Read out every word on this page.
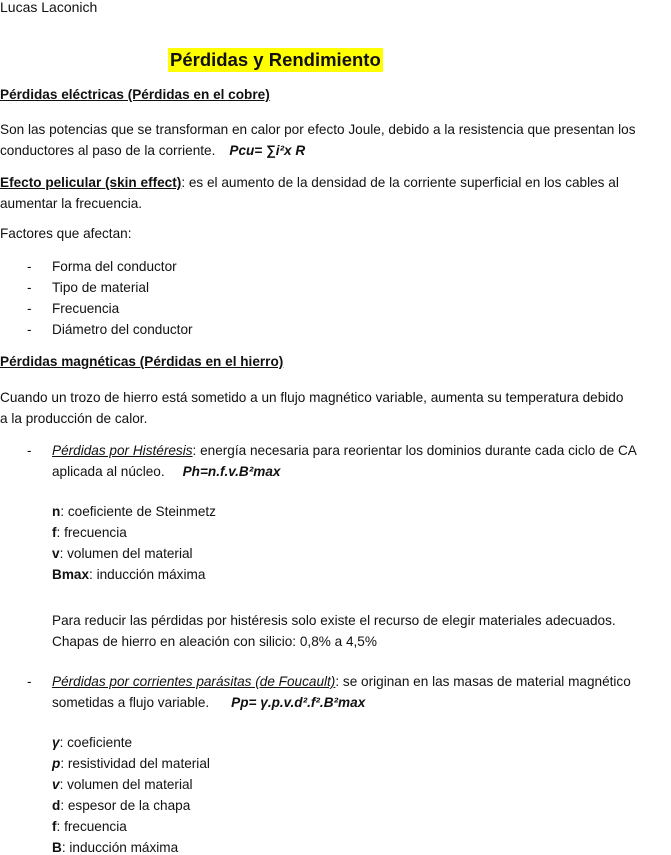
Lucas Laconich
Pérdidas y Rendimiento
Pérdidas eléctricas (Pérdidas en el cobre)
Son las potencias que se transforman en calor por efecto Joule, debido a la resistencia que presentan los
conductores al paso de la corriente. Pcu= ∑i²x R
Efecto pelicular (skin effect): es el aumento de la densidad de la corriente superficial en los cables al
aumentar la frecuencia.
Factores que afectan:
- Forma del conductor
- Tipo de material
- Frecuencia
- Diámetro del conductor
Pérdidas magnéticas (Pérdidas en el hierro)
Cuando un trozo de hierro está sometido a un flujo magnético variable, aumenta su temperatura debido
a la producción de calor.
- Pérdidas por Histéresis: energía necesaria para reorientar los dominios durante cada ciclo de CA
aplicada al núcleo. Ph=n.f.v.B²max
n: coeficiente de Steinmetz
f: frecuencia
v: volumen del material
Bmax: inducción máxima
Para reducir las pérdidas por histéresis solo existe el recurso de elegir materiales adecuados.
Chapas de hierro en aleación con silicio: 0,8% a 4,5%
- Pérdidas por corrientes parásitas (de Foucault): se originan en las masas de material magnético
sometidas a flujo variable. Pp= γ.p.v.d².f².B²max
γ: coeficiente
p: resistividad del material
v: volumen del material
d: espesor de la chapa
f: frecuencia
B: inducción máxima
